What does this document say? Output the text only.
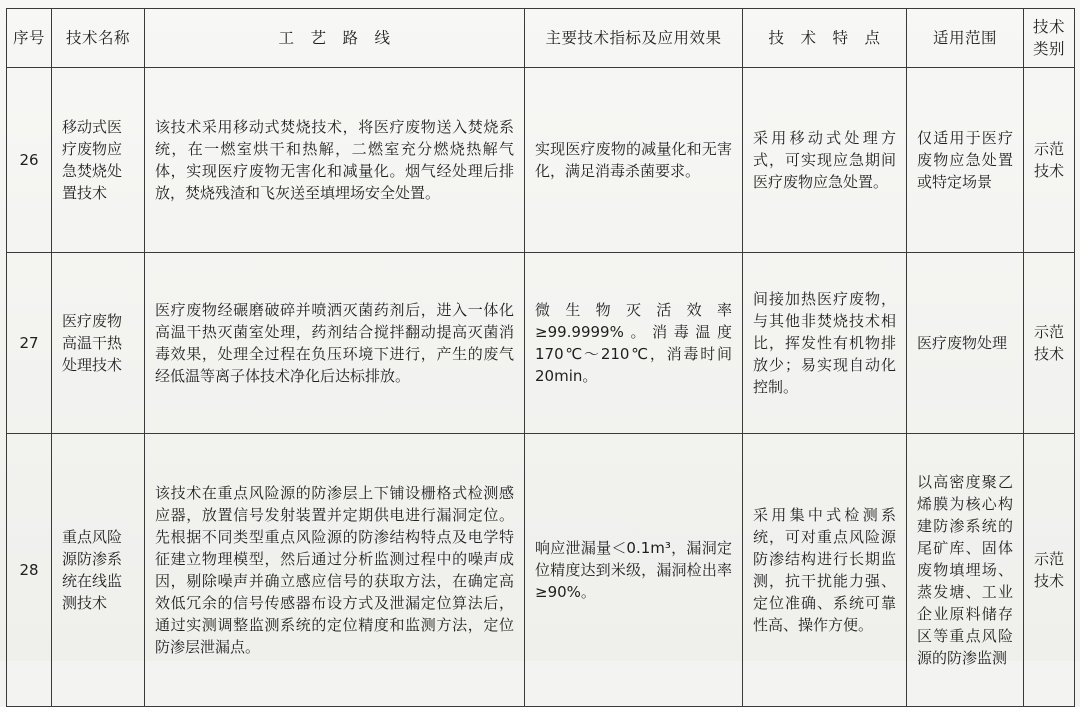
序号	技术名称	工　艺　路　线	主要技术指标及应用效果	技　术　特　点	适用范围	技术类别
26	移动式医疗废物应急焚烧处置技术	该技术采用移动式焚烧技术，将医疗废物送入焚烧系统，在一燃室烘干和热解，二燃室充分燃烧热解气体，实现医疗废物无害化和减量化。烟气经处理后排放，焚烧残渣和飞灰送至填埋场安全处置。	实现医疗废物的减量化和无害化，满足消毒杀菌要求。	采用移动式处理方式，可实现应急期间医疗废物应急处置。	仅适用于医疗废物应急处置或特定场景	示范技术
27	医疗废物高温干热处理技术	医疗废物经碾磨破碎并喷洒灭菌药剂后，进入一体化高温干热灭菌室处理，药剂结合搅拌翻动提高灭菌消毒效果，处理全过程在负压环境下进行，产生的废气经低温等离子体技术净化后达标排放。	微生物灭活效率≥99.9999%。消毒温度170℃～210℃，消毒时间20min。	间接加热医疗废物，与其他非焚烧技术相比，挥发性有机物排放少；易实现自动化控制。	医疗废物处理	示范技术
28	重点风险源防渗系统在线监测技术	该技术在重点风险源的防渗层上下铺设栅格式检测感应器，放置信号发射装置并定期供电进行漏洞定位。先根据不同类型重点风险源的防渗结构特点及电学特征建立物理模型，然后通过分析监测过程中的噪声成因，剔除噪声并确立感应信号的获取方法，在确定高效低冗余的信号传感器布设方式及泄漏定位算法后，通过实测调整监测系统的定位精度和监测方法，定位防渗层泄漏点。	响应泄漏量＜0.1m³，漏洞定位精度达到米级，漏洞检出率≥90%。	采用集中式检测系统，可对重点风险源防渗结构进行长期监测，抗干扰能力强、定位准确、系统可靠性高、操作方便。	以高密度聚乙烯膜为核心构建防渗系统的尾矿库、固体废物填埋场、蒸发塘、工业企业原料储存区等重点风险源的防渗监测	示范技术
